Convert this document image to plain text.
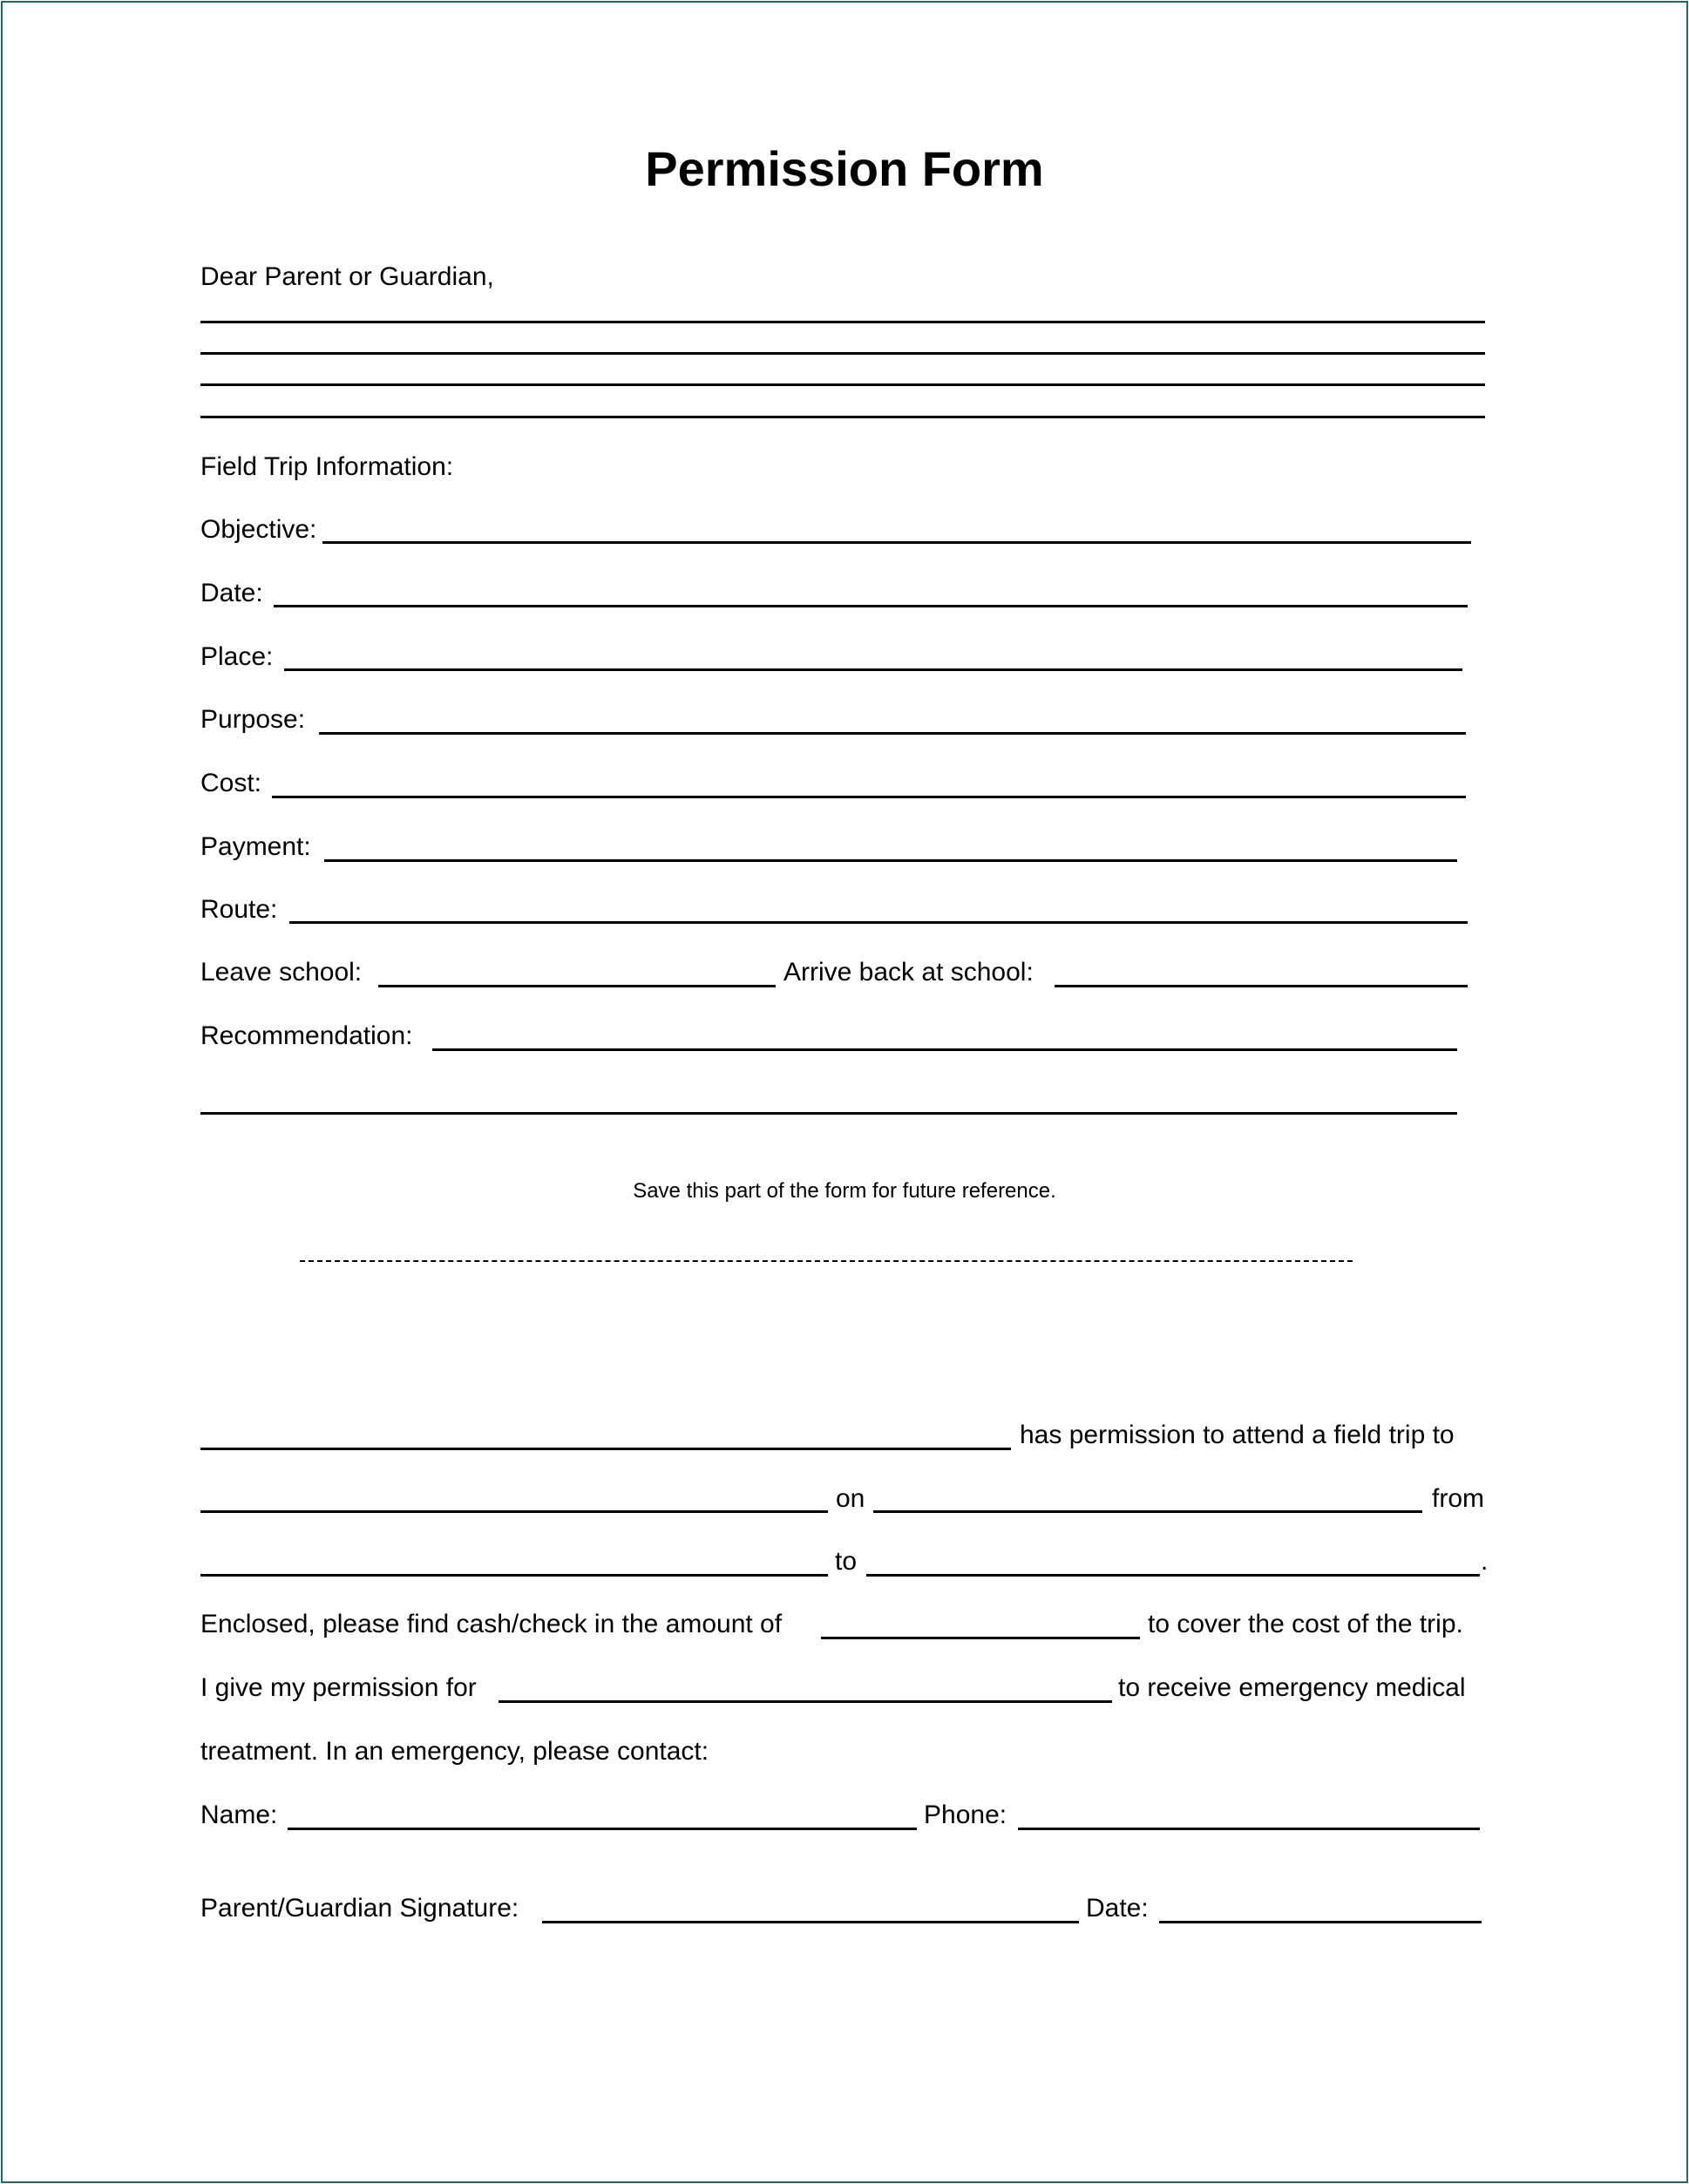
Permission Form
Dear Parent or Guardian,
Field Trip Information:
Objective:
Date:
Place:
Purpose:
Cost:
Payment:
Route:
Leave school:	Arrive back at school:
Recommendation:
Save this part of the form for future reference.
has permission to attend a field trip to
on	from
to	.
Enclosed, please find cash/check in the amount of	to cover the cost of the trip.
I give my permission for	to receive emergency medical
treatment. In an emergency, please contact:
Name:	Phone:
Parent/Guardian Signature:	Date:
